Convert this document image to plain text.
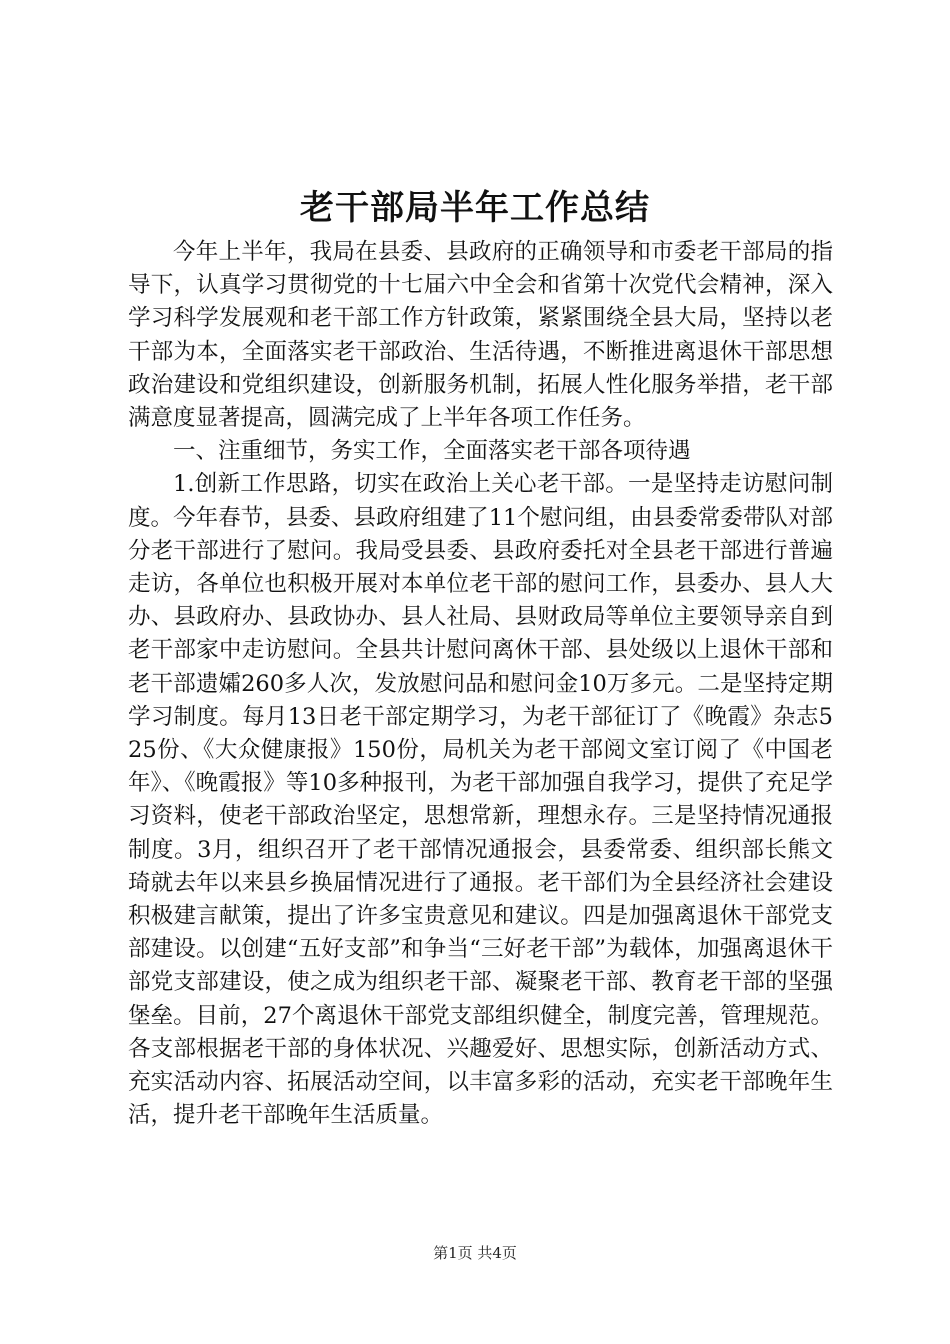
老干部局半年工作总结

今年上半年，我局在县委、县政府的正确领导和市委老干部局的指导下，认真学习贯彻党的十七届六中全会和省第十次党代会精神，深入学习科学发展观和老干部工作方针政策，紧紧围绕全县大局，坚持以老干部为本，全面落实老干部政治、生活待遇，不断推进离退休干部思想政治建设和党组织建设，创新服务机制，拓展人性化服务举措，老干部满意度显著提高，圆满完成了上半年各项工作任务。

一、注重细节，务实工作，全面落实老干部各项待遇

1.创新工作思路，切实在政治上关心老干部。一是坚持走访慰问制度。今年春节，县委、县政府组建了11个慰问组，由县委常委带队对部分老干部进行了慰问。我局受县委、县政府委托对全县老干部进行普遍走访，各单位也积极开展对本单位老干部的慰问工作，县委办、县人大办、县政府办、县政协办、县人社局、县财政局等单位主要领导亲自到老干部家中走访慰问。全县共计慰问离休干部、县处级以上退休干部和老干部遗孀260多人次，发放慰问品和慰问金10万多元。二是坚持定期学习制度。每月13日老干部定期学习，为老干部征订了《晚霞》杂志525份、《大众健康报》150份，局机关为老干部阅文室订阅了《中国老年》、《晚霞报》等10多种报刊，为老干部加强自我学习，提供了充足学习资料，使老干部政治坚定，思想常新，理想永存。三是坚持情况通报制度。3月，组织召开了老干部情况通报会，县委常委、组织部长熊文琦就去年以来县乡换届情况进行了通报。老干部们为全县经济社会建设积极建言献策，提出了许多宝贵意见和建议。四是加强离退休干部党支部建设。以创建“五好支部”和争当“三好老干部”为载体，加强离退休干部党支部建设，使之成为组织老干部、凝聚老干部、教育老干部的坚强堡垒。目前，27个离退休干部党支部组织健全，制度完善，管理规范。各支部根据老干部的身体状况、兴趣爱好、思想实际，创新活动方式、充实活动内容、拓展活动空间，以丰富多彩的活动，充实老干部晚年生活，提升老干部晚年生活质量。

第1页 共4页
